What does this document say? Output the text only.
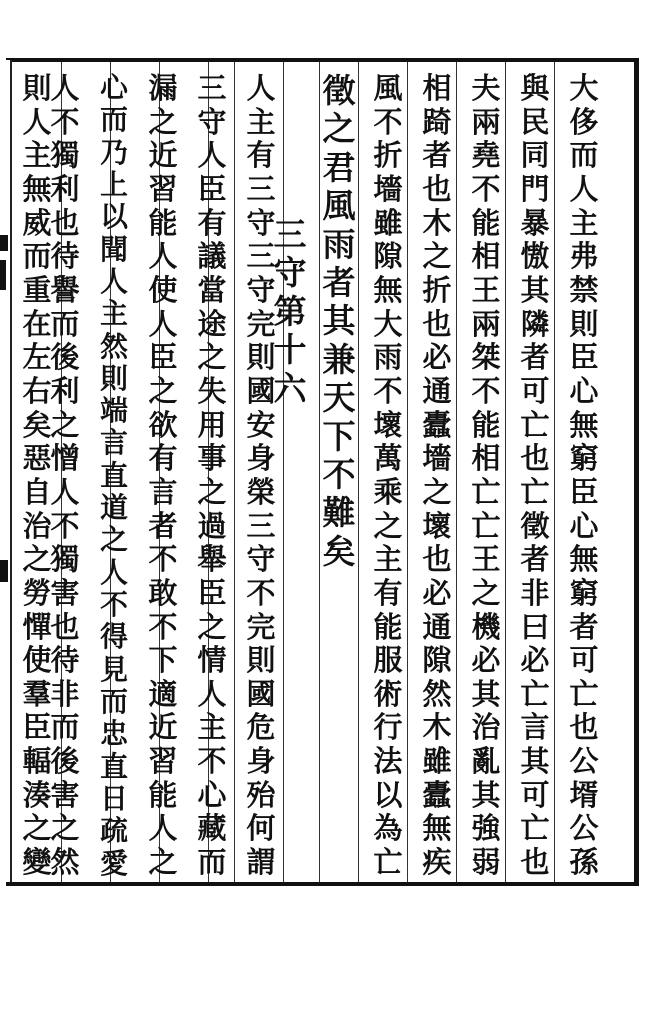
大
侈
而
人
主
弗
禁
則
臣
心
無
窮
臣
心
無
窮
者
可
亡
也
公
壻
公
孫
與
民
同
門
暴
慠
其
隣
者
可
亡
也
亡
徵
者
非
曰
必
亡
言
其
可
亡
也
夫
兩
堯
不
能
相
王
兩
桀
不
能
相
亡
亡
王
之
機
必
其
治
亂
其
強
弱
相
踦
者
也
木
之
折
也
必
通
蠹
墻
之
壞
也
必
通
隙
然
木
雖
蠹
無
疾
風
不
折
墻
雖
隙
無
大
雨
不
壞
萬
乘
之
主
有
能
服
術
行
法
以
為
亡
徵
之
君
風
雨
者
其
兼
天
下
不
難
矣
三
守
第
十
六
人
主
有
三
守
三
守
完
則
國
安
身
榮
三
守
不
完
則
國
危
身
殆
何
謂
三
守
人
臣
有
議
當
途
之
失
用
事
之
過
舉
臣
之
情
人
主
不
心
藏
而
漏
之
近
習
能
人
使
人
臣
之
欲
有
言
者
不
敢
不
下
適
近
習
能
人
之
心
而
乃
上
以
聞
人
主
然
則
端
言
直
道
之
人
不
得
見
而
忠
直
日
疏
愛
人
不
獨
利
也
待
譽
而
後
利
之
憎
人
不
獨
害
也
待
非
而
後
害
之
然
則
人
主
無
威
而
重
在
左
右
矣
惡
自
治
之
勞
憚
使
羣
臣
輻
湊
之
變
